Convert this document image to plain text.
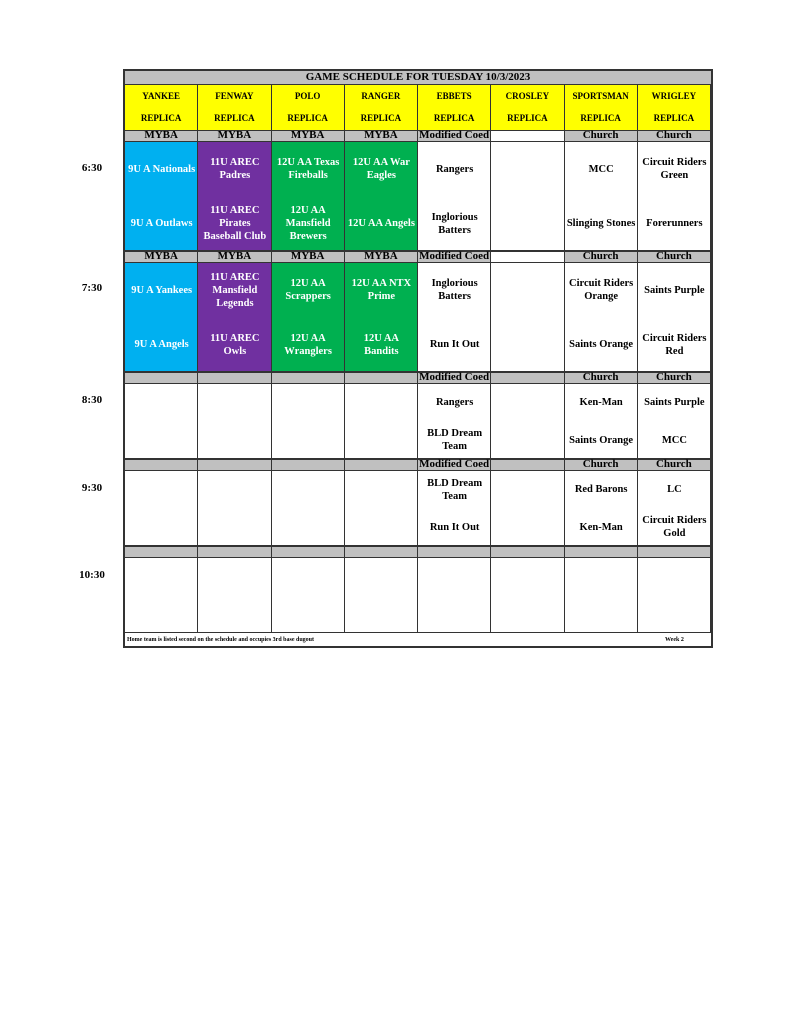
GAME SCHEDULE FOR TUESDAY 10/3/2023
YANKEE
REPLICA
FENWAY
REPLICA
POLO
REPLICA
RANGER
REPLICA
EBBETS
REPLICA
CROSLEY
REPLICA
SPORTSMAN
REPLICA
WRIGLEY
REPLICA
MYBA
9U A Nationals
9U A Outlaws
MYBA
11U AREC Padres
11U AREC Pirates Baseball Club
MYBA
12U AA Texas Fireballs
12U AA Mansfield Brewers
MYBA
12U AA War Eagles
12U AA Angels
Modified Coed
Rangers
Inglorious Batters
Church
MCC
Slinging Stones
Church
Circuit Riders Green
Forerunners
MYBA
9U A Yankees
9U A Angels
MYBA
11U AREC Mansfield Legends
11U AREC Owls
MYBA
12U AA Scrappers
12U AA Wranglers
MYBA
12U AA NTX Prime
12U AA Bandits
Modified Coed
Inglorious Batters
Run It Out
Church
Circuit Riders Orange
Saints Orange
Church
Saints Purple
Circuit Riders Red
Modified Coed
Rangers
BLD Dream Team
Church
Ken-Man
Saints Orange
Church
Saints Purple
MCC
Modified Coed
BLD Dream Team
Run It Out
Church
Red Barons
Ken-Man
Church
LC
Circuit Riders Gold
Home team is listed second on the schedule and occupies 3rd base dugout	Week 2
6:30
7:30
8:30
9:30
10:30
